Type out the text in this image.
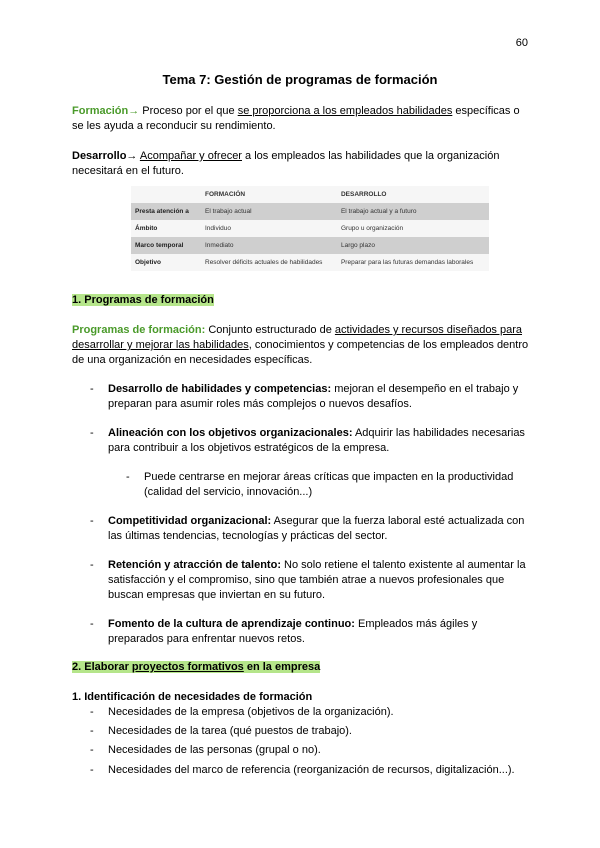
60
Tema 7: Gestión de programas de formación
Formación→ Proceso por el que se proporciona a los empleados habilidades específicas o se les ayuda a reconducir su rendimiento.
Desarrollo→ Acompañar y ofrecer a los empleados las habilidades que la organización necesitará en el futuro.
	FORMACIÓN	DESARROLLO
Presta atención a	El trabajo actual	El trabajo actual y a futuro
Ámbito	Individuo	Grupo u organización
Marco temporal	Inmediato	Largo plazo
Objetivo	Resolver déficits actuales de habilidades	Preparar para las futuras demandas laborales
1. Programas de formación
Programas de formación: Conjunto estructurado de actividades y recursos diseñados para desarrollar y mejorar las habilidades, conocimientos y competencias de los empleados dentro de una organización en necesidades específicas.
- Desarrollo de habilidades y competencias: mejoran el desempeño en el trabajo y preparan para asumir roles más complejos o nuevos desafíos.
- Alineación con los objetivos organizacionales: Adquirir las habilidades necesarias para contribuir a los objetivos estratégicos de la empresa.
- Puede centrarse en mejorar áreas críticas que impacten en la productividad (calidad del servicio, innovación...)
- Competitividad organizacional: Asegurar que la fuerza laboral esté actualizada con las últimas tendencias, tecnologías y prácticas del sector.
- Retención y atracción de talento: No solo retiene el talento existente al aumentar la satisfacción y el compromiso, sino que también atrae a nuevos profesionales que buscan empresas que inviertan en su futuro.
- Fomento de la cultura de aprendizaje continuo: Empleados más ágiles y preparados para enfrentar nuevos retos.
2. Elaborar proyectos formativos en la empresa
1. Identificación de necesidades de formación
- Necesidades de la empresa (objetivos de la organización).
- Necesidades de la tarea (qué puestos de trabajo).
- Necesidades de las personas (grupal o no).
- Necesidades del marco de referencia (reorganización de recursos, digitalización...).
